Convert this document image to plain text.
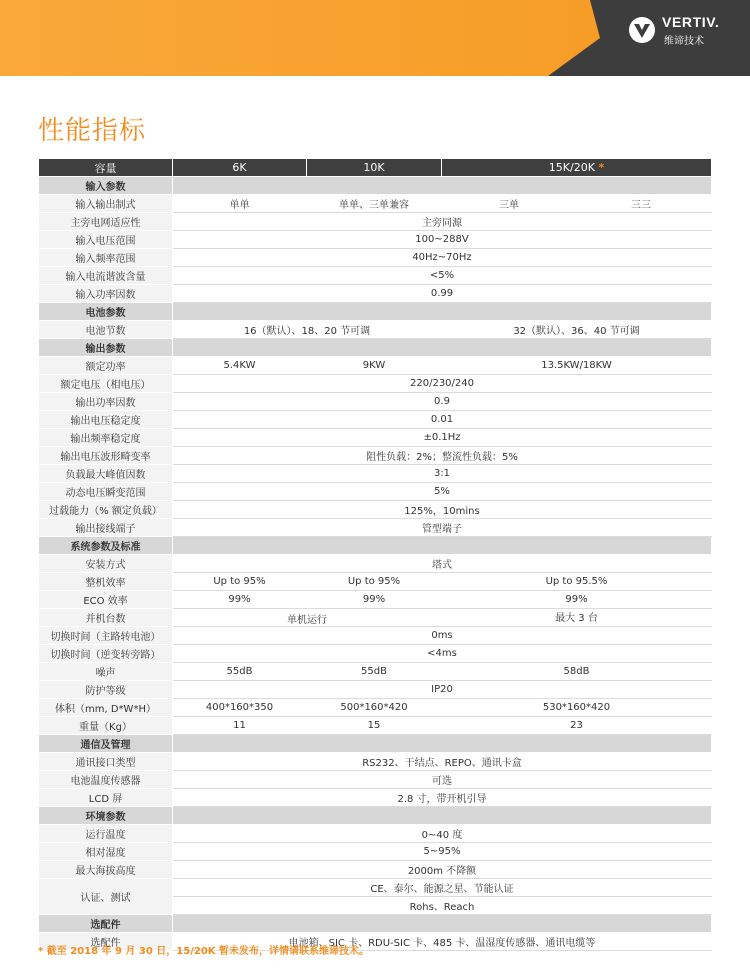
VERTIV.
维谛技术
性能指标
容量	6K	10K	15K/20K *	
输入参数				
输入输出制式	单单	单单、三单兼容	三单	三三
主旁电网适应性	主旁同源			
输入电压范围	100~288V			
输入频率范围	40Hz~70Hz			
输入电流谐波含量	<5%			
输入功率因数	0.99			
电池参数				
电池节数	16（默认）、18、20 节可调		32（默认）、36、40 节可调	
输出参数				
额定功率	5.4KW	9KW	13.5KW/18KW	
额定电压（相电压）	220/230/240			
输出功率因数	0.9			
输出电压稳定度	0.01			
输出频率稳定度	±0.1Hz			
输出电压波形畸变率	阻性负载：2%；整流性负载：5%			
负载最大峰值因数	3:1			
动态电压瞬变范围	5%			
过载能力（% 额定负载）	125%，10mins			
输出接线端子	管型端子			
系统参数及标准				
安装方式	塔式			
整机效率	Up to 95%	Up to 95%	Up to 95.5%	
ECO 效率	99%	99%	99%	
并机台数	单机运行		最大 3 台	
切换时间（主路转电池）	0ms			
切换时间（逆变转旁路）	<4ms			
噪声	55dB	55dB	58dB	
防护等级	IP20			
体积（mm, D*W*H）	400*160*350	500*160*420	530*160*420	
重量（Kg）	11	15	23	
通信及管理				
通讯接口类型	RS232、干结点、REPO、通讯卡盒			
电池温度传感器	可选			
LCD 屏	2.8 寸，带开机引导			
环境参数				
运行温度	0~40 度			
相对湿度	5~95%			
最大海拔高度	2000m 不降额			
认证、测试	CE、泰尔、能源之星、节能认证			
	Rohs、Reach			
选配件				
选配件	电池箱、SIC 卡、RDU-SIC 卡、485 卡、温湿度传感器、通讯电缆等			
* 截至 2018 年 9 月 30 日，15/20K 暂未发布，详情请联系维谛技术。
